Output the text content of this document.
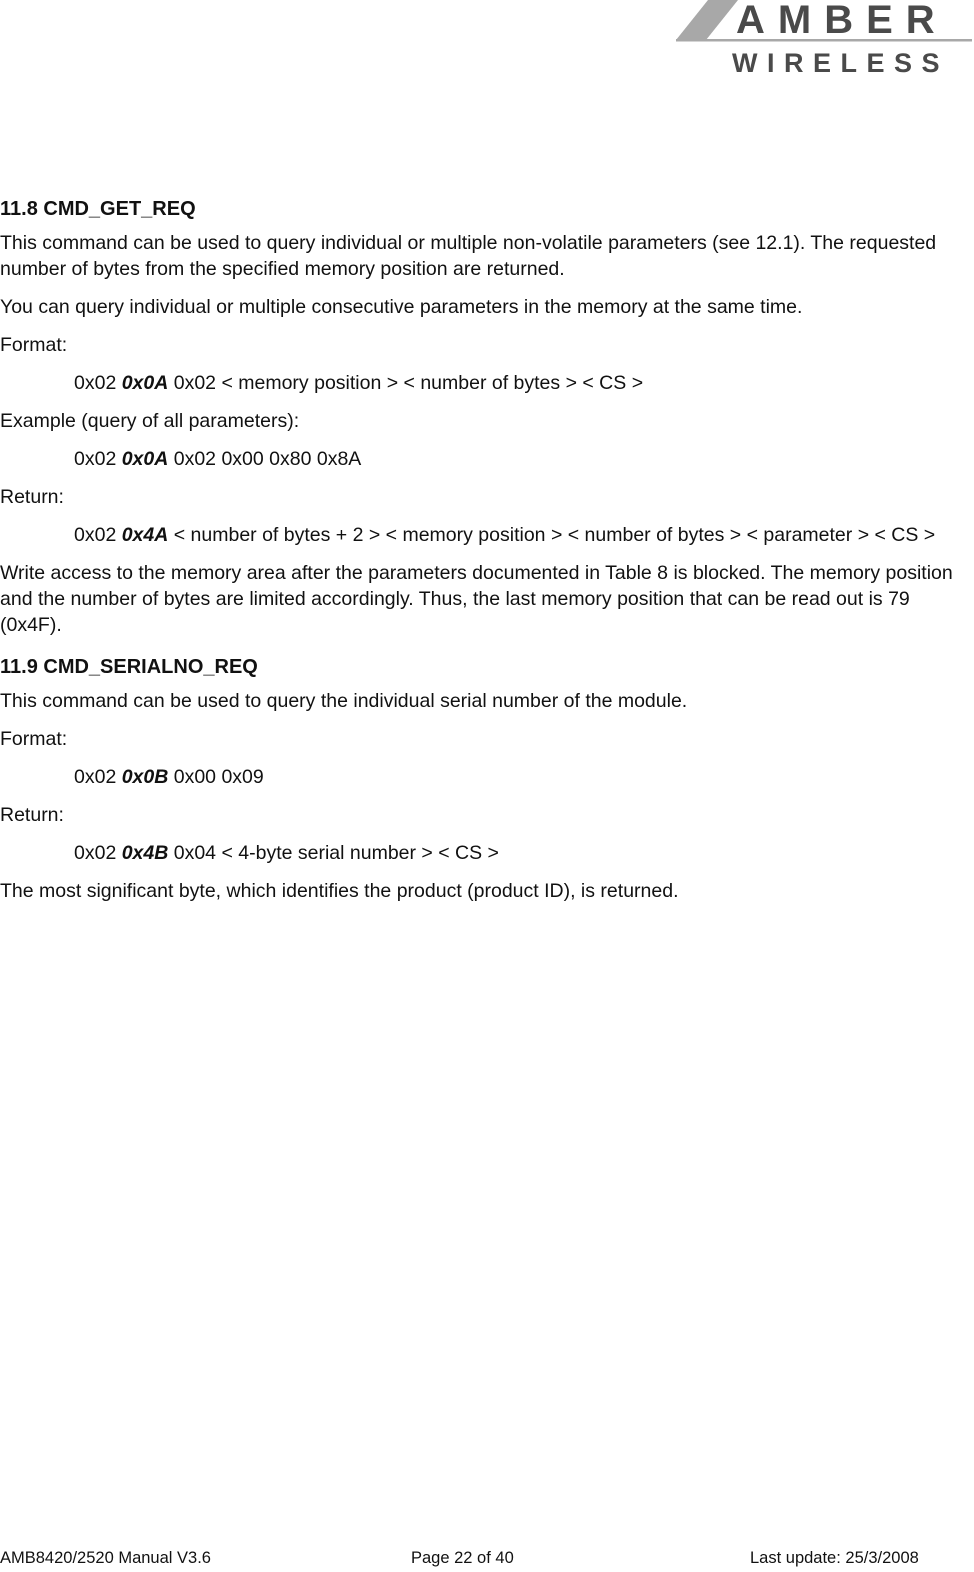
AMBER
WIRELESS
11.8 CMD_GET_REQ

This command can be used to query individual or multiple non-volatile parameters (see 12.1). The requested number of bytes from the specified memory position are returned.

You can query individual or multiple consecutive parameters in the memory at the same time.

Format:

0x02 0x0A 0x02 < memory position > < number of bytes > < CS >

Example (query of all parameters):

0x02 0x0A 0x02 0x00 0x80 0x8A

Return:

0x02 0x4A < number of bytes + 2 > < memory position > < number of bytes > < parameter > < CS >

Write access to the memory area after the parameters documented in Table 8 is blocked. The memory position and the number of bytes are limited accordingly. Thus, the last memory position that can be read out is 79 (0x4F).

11.9 CMD_SERIALNO_REQ

This command can be used to query the individual serial number of the module.

Format:

0x02 0x0B 0x00 0x09

Return:

0x02 0x4B 0x04 < 4-byte serial number > < CS >

The most significant byte, which identifies the product (product ID), is returned.

AMB8420/2520 Manual V3.6	Page 22 of 40	Last update: 25/3/2008
